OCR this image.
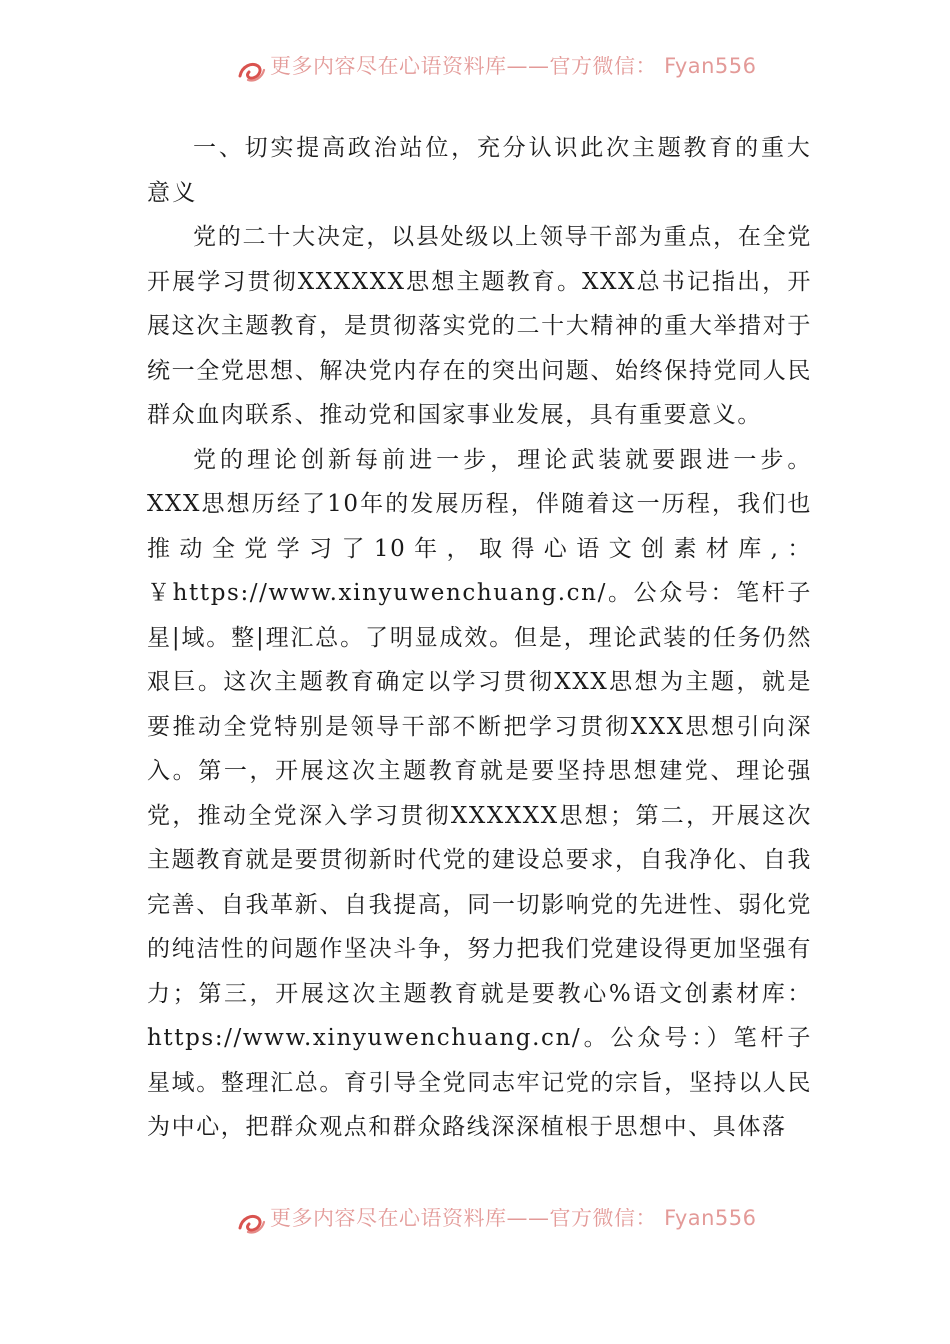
更多内容尽在心语资料库——官方微信： Fyan556

一、切实提高政治站位，充分认识此次主题教育的重大意义

党的二十大决定，以县处级以上领导干部为重点，在全党开展学习贯彻XXXXXX思想主题教育。XXX总书记指出，开展这次主题教育，是贯彻落实党的二十大精神的重大举措对于统一全党思想、解决党内存在的突出问题、始终保持党同人民群众血肉联系、推动党和国家事业发展，具有重要意义。

党的理论创新每前进一步，理论武装就要跟进一步。XXX思想历经了10年的发展历程，伴随着这一历程，我们也推动全党学习了10年，取得心语文创素材库,：￥https://www.xinyuwenchuang.cn/。公众号：笔杆子星|域。整|理汇总。了明显成效。但是，理论武装的任务仍然艰巨。这次主题教育确定以学习贯彻XXX思想为主题，就是要推动全党特别是领导干部不断把学习贯彻XXX思想引向深入。第一，开展这次主题教育就是要坚持思想建党、理论强党，推动全党深入学习贯彻XXXXXX思想；第二，开展这次主题教育就是要贯彻新时代党的建设总要求，自我净化、自我完善、自我革新、自我提高，同一切影响党的先进性、弱化党的纯洁性的问题作坚决斗争，努力把我们党建设得更加坚强有力；第三，开展这次主题教育就是要教心%语文创素材库：https://www.xinyuwenchuang.cn/。公众号：）笔杆子星域。整理汇总。育引导全党同志牢记党的宗旨，坚持以人民为中心，把群众观点和群众路线深深植根于思想中、具体落

更多内容尽在心语资料库——官方微信： Fyan556
